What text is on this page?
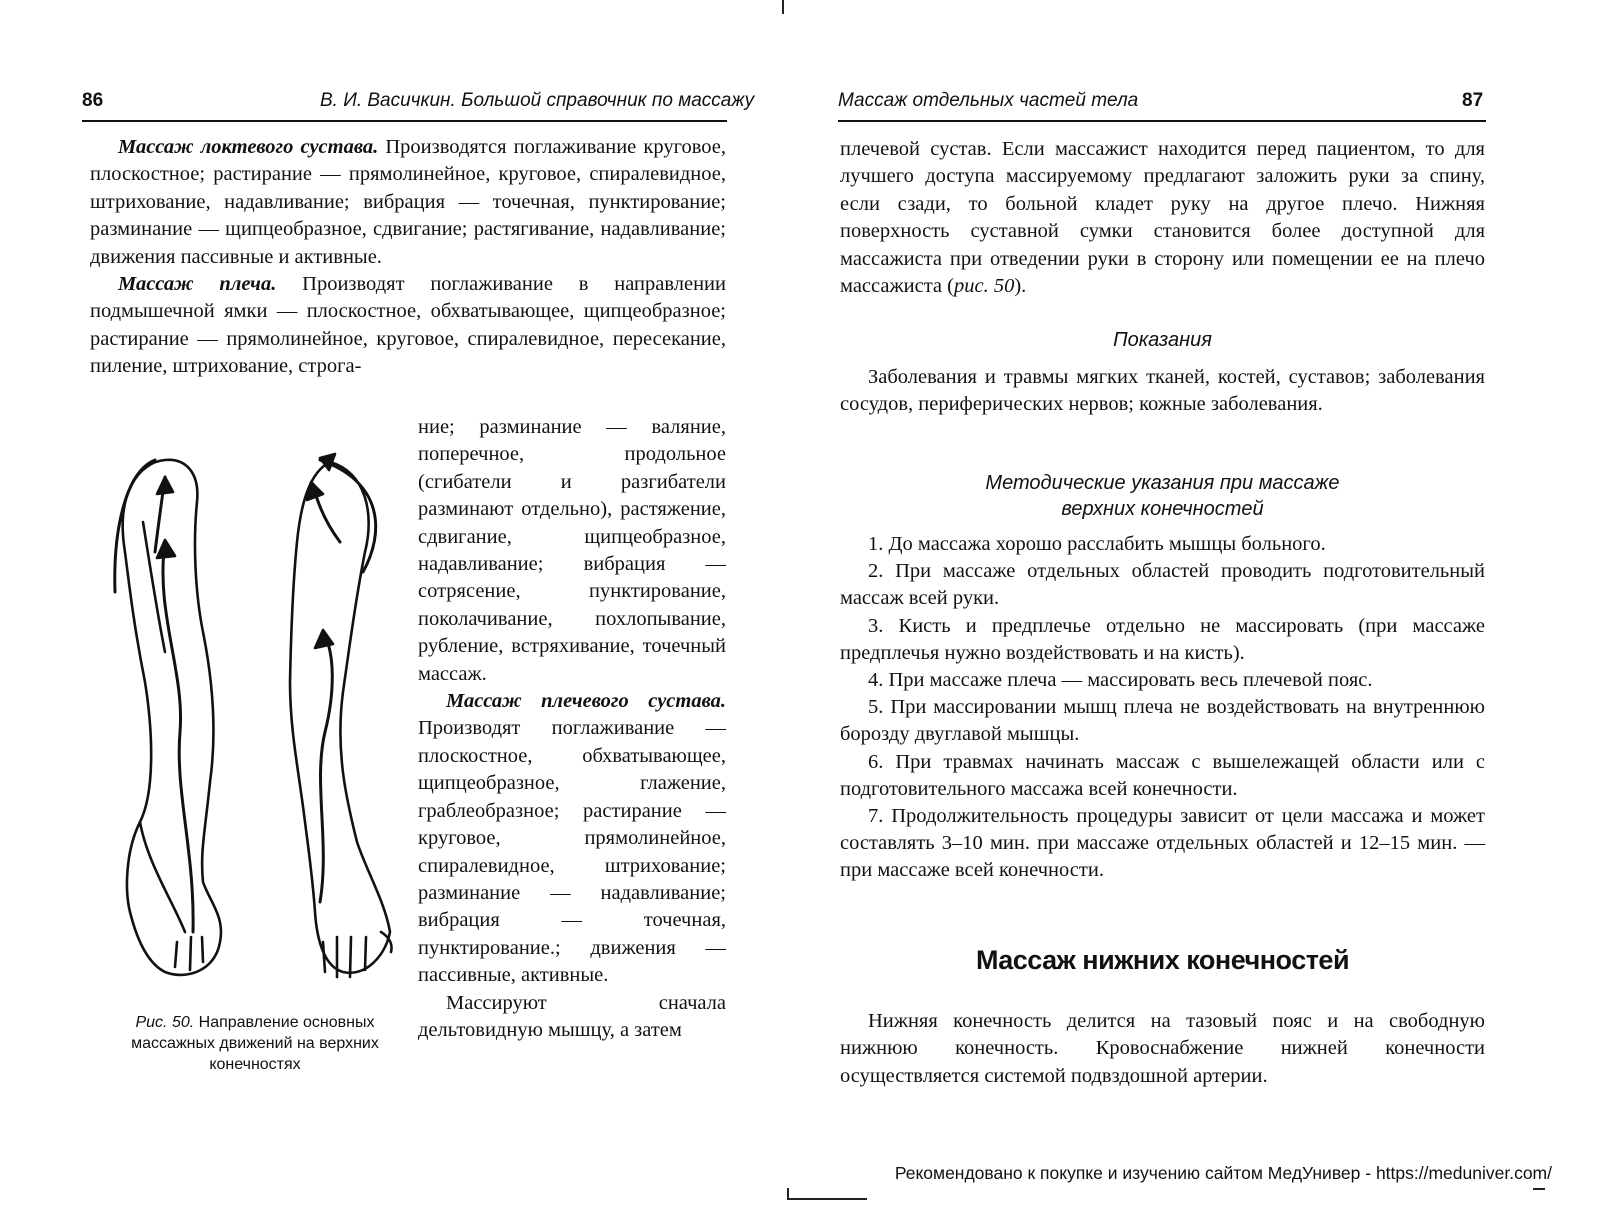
86	В. И. Васичкин. Большой справочник по массажу

Массаж локтевого сустава. Производятся поглаживание круговое, плоскостное; растирание — прямолинейное, круговое, спиралевидное, штрихование, надавливание; вибрация — точечная, пунктирование; разминание — щипцеобразное, сдвигание; растягивание, надавливание; движения пассивные и активные.

Массаж плеча. Производят поглаживание в направлении подмышечной ямки — плоскостное, обхватывающее, щипцеобразное; растирание — прямолинейное, круговое, спиралевидное, пересекание, пиление, штрихование, строга-

ние; разминание — валяние, поперечное, продольное (сгибатели и разгибатели разминают отдельно), растяжение, сдвигание, щипцеобразное, надавливание; вибрация — сотрясение, пунктирование, поколачивание, похлопывание, рубление, встряхивание, точечный массаж.

Массаж плечевого сустава. Производят поглаживание — плоскостное, обхватывающее, щипцеобразное, глажение, граблеобразное; растирание — круговое, прямолинейное, спиралевидное, штрихование; разминание — надавливание; вибрация — точечная, пунктирование.; движения — пассивные, активные.

Массируют сначала дельтовидную мышцу, а затем

Рис. 50. Направление основных массажных движений на верхних конечностях
Массаж отдельных частей тела	87

плечевой сустав. Если массажист находится перед пациентом, то для лучшего доступа массируемому предлагают заложить руки за спину, если сзади, то больной кладет руку на другое плечо. Нижняя поверхность суставной сумки становится более доступной для массажиста при отведении руки в сторону или помещении ее на плечо массажиста (рис. 50).

Показания

Заболевания и травмы мягких тканей, костей, суставов; заболевания сосудов, периферических нервов; кожные заболевания.

Методические указания при массаже
верхних конечностей

1. До массажа хорошо расслабить мышцы больного.

2. При массаже отдельных областей проводить подготовительный массаж всей руки.

3. Кисть и предплечье отдельно не массировать (при массаже предплечья нужно воздействовать и на кисть).

4. При массаже плеча — массировать весь плечевой пояс.

5. При массировании мышц плеча не воздействовать на внутреннюю борозду двуглавой мышцы.

6. При травмах начинать массаж с вышележащей области или с подготовительного массажа всей конечности.

7. Продолжительность процедуры зависит от цели массажа и может составлять 3–10 мин. при массаже отдельных областей и 12–15 мин. — при массаже всей конечности.

Массаж нижних конечностей

Нижняя конечность делится на тазовый пояс и на свободную нижнюю конечность. Кровоснабжение нижней конечности осуществляется системой подвздошной артерии.

Рекомендовано к покупке и изучению сайтом МедУнивер - https://meduniver.com/
